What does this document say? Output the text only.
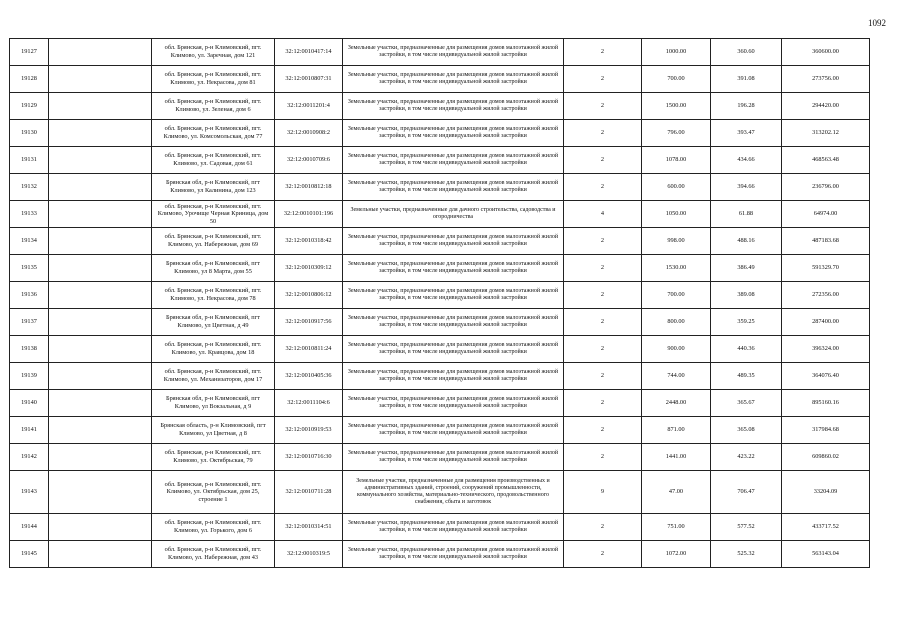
1092
19127		обл. Брянская, р-н Климовский, пгт. Климово, ул. Заречная, дом 121	32:12:0010417:14	Земельные участки, предназначенные для размещения домов малоэтажной жилой застройки, в том числе индивидуальной жилой застройки	2	1000.00	360.60	360600.00
19128		обл. Брянская, р-н Климовский, пгт. Климово, ул. Некрасова, дом 81	32:12:0010807:31	Земельные участки, предназначенные для размещения домов малоэтажной жилой застройки, в том числе индивидуальной жилой застройки	2	700.00	391.08	273756.00
19129		обл. Брянская, р-н Климовский, пгт. Климово, ул. Зеленая, дом 6	32:12:0011201:4	Земельные участки, предназначенные для размещения домов малоэтажной жилой застройки, в том числе индивидуальной жилой застройки	2	1500.00	196.28	294420.00
19130		обл. Брянская, р-н Климовский, пгт. Климово, ул. Комсомольская, дом 77	32:12:0010908:2	Земельные участки, предназначенные для размещения домов малоэтажной жилой застройки, в том числе индивидуальной жилой застройки	2	796.00	393.47	313202.12
19131		обл. Брянская, р-н Климовский, пгт. Климово, ул. Садовая, дом 61	32:12:0010709:6	Земельные участки, предназначенные для размещения домов малоэтажной жилой застройки, в том числе индивидуальной жилой застройки	2	1078.00	434.66	468563.48
19132		Брянская обл, р-н Климовский, пгт Климово, ул Калинина, дом 123	32:12:0010812:18	Земельные участки, предназначенные для размещения домов малоэтажной жилой застройки, в том числе индивидуальной жилой застройки	2	600.00	394.66	236796.00
19133		обл. Брянская, р-н Климовский, пгт. Климово, Урочище Черная Криница, дом 50	32:12:0010101:196	Земельные участки, предназначенные для дачного строительства, садоводства и огородничества	4	1050.00	61.88	64974.00
19134		обл. Брянская, р-н Климовский, пгт. Климово, ул. Набережная, дом 69	32:12:0010318:42	Земельные участки, предназначенные для размещения домов малоэтажной жилой застройки, в том числе индивидуальной жилой застройки	2	998.00	488.16	487183.68
19135		Брянская обл, р-н Климовский, пгт Климово, ул 8 Марта, дом 55	32:12:0010309:12	Земельные участки, предназначенные для размещения домов малоэтажной жилой застройки, в том числе индивидуальной жилой застройки	2	1530.00	386.49	591329.70
19136		обл. Брянская, р-н Климовский, пгт. Климово, ул. Некрасова, дом 78	32:12:0010806:12	Земельные участки, предназначенные для размещения домов малоэтажной жилой застройки, в том числе индивидуальной жилой застройки	2	700.00	389.08	272356.00
19137		Брянская обл, р-н Климовский, пгт Климово, ул Цветная, д 49	32:12:0010917:56	Земельные участки, предназначенные для размещения домов малоэтажной жилой застройки, в том числе индивидуальной жилой застройки	2	800.00	359.25	287400.00
19138		обл. Брянская, р-н Климовский, пгт. Климово, ул. Кравцова, дом 18	32:12:0010811:24	Земельные участки, предназначенные для размещения домов малоэтажной жилой застройки, в том числе индивидуальной жилой застройки	2	900.00	440.36	396324.00
19139		обл. Брянская, р-н Климовский, пгт. Климово, ул. Механизаторов, дом 17	32:12:0010405:36	Земельные участки, предназначенные для размещения домов малоэтажной жилой застройки, в том числе индивидуальной жилой застройки	2	744.00	489.35	364076.40
19140		Брянская обл, р-н Климовский, пгт Климово, ул Вокзальная, д 9	32:12:0011104:6	Земельные участки, предназначенные для размещения домов малоэтажной жилой застройки, в том числе индивидуальной жилой застройки	2	2448.00	365.67	895160.16
19141		Брянская область, р-н Климовский, пгт Климово, ул Цветная, д 8	32:12:0010919:53	Земельные участки, предназначенные для размещения домов малоэтажной жилой застройки, в том числе индивидуальной жилой застройки	2	871.00	365.08	317984.68
19142		обл. Брянская, р-н Климовский, пгт. Климово, ул. Октябрьская, 79	32:12:0010716:30	Земельные участки, предназначенные для размещения домов малоэтажной жилой застройки, в том числе индивидуальной жилой застройки	2	1441.00	423.22	609860.02
19143		обл. Брянская, р-н Климовский, пгт. Климово, ул. Октябрьская, дом 25, строение 1	32:12:0010711:28	Земельные участки, предназначенные для размещения производственных и административных зданий, строений, сооружений промышленности, коммунального хозяйства, материально-технического, продовольственного снабжения, сбыта и заготовок	9	47.00	706.47	33204.09
19144		обл. Брянская, р-н Климовский, пгт. Климово, ул. Горького, дом 6	32:12:0010314:51	Земельные участки, предназначенные для размещения домов малоэтажной жилой застройки, в том числе индивидуальной жилой застройки	2	751.00	577.52	433717.52
19145		обл. Брянская, р-н Климовский, пгт. Климово, ул. Набережная, дом 43	32:12:0010319:5	Земельные участки, предназначенные для размещения домов малоэтажной жилой застройки, в том числе индивидуальной жилой застройки	2	1072.00	525.32	563143.04
